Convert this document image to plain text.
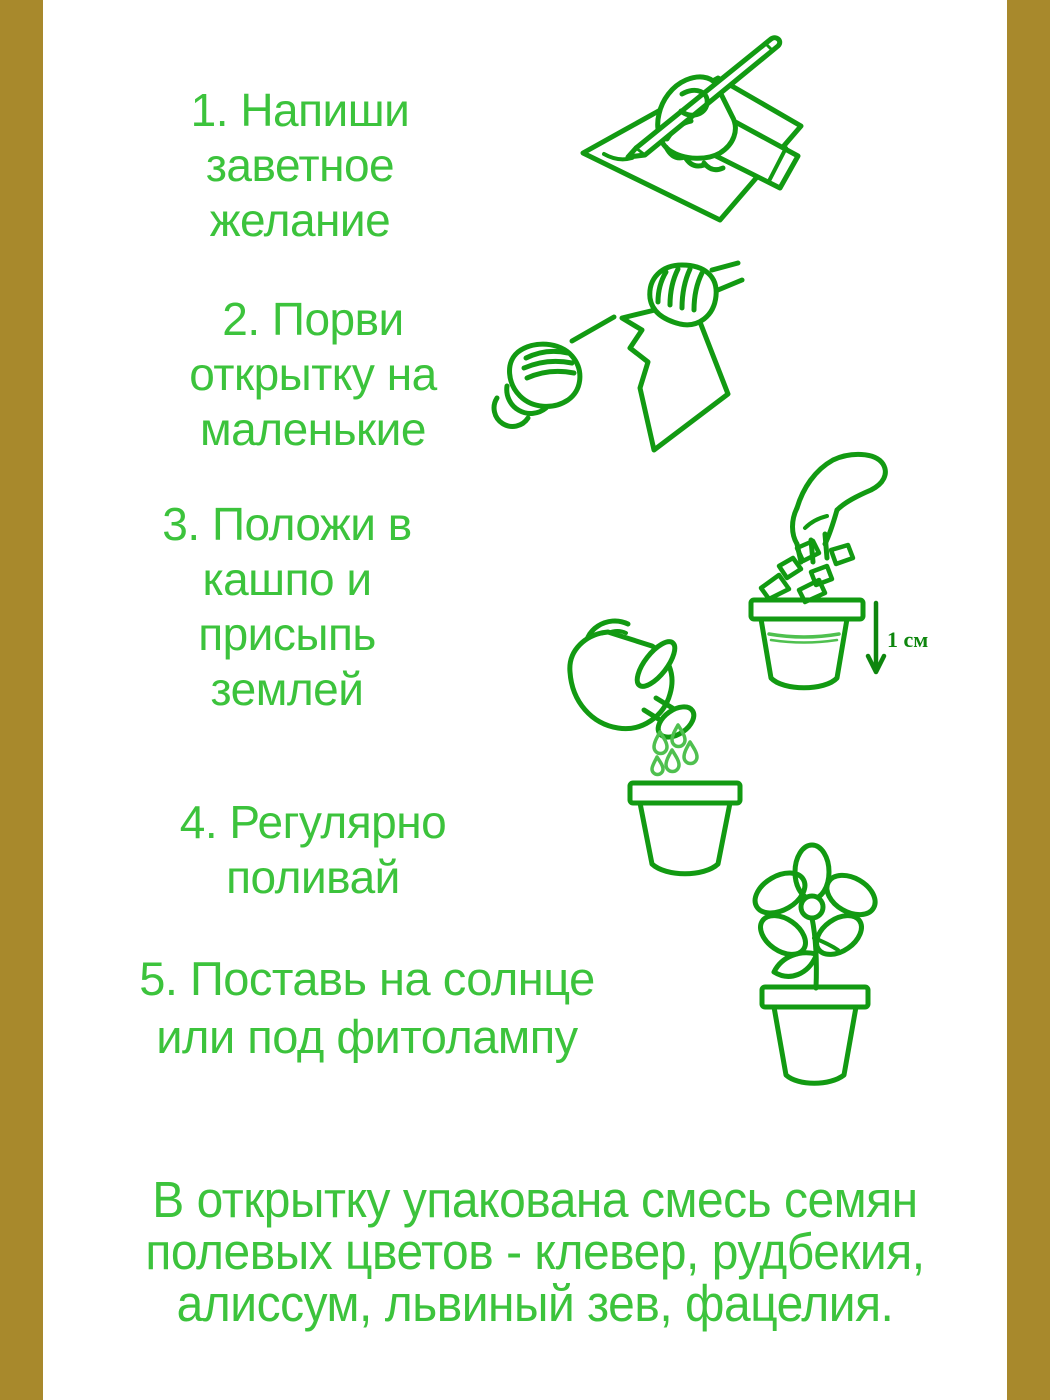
1. Напиши
заветное
желание
2. Порви
открытку на
маленькие
3. Положи в
кашпо и
присыпь
землей
1 см
4. Регулярно
поливай
5. Поставь на солнце
или под фитолампу
В открытку упакована смесь семян
полевых цветов - клевер, рудбекия,
алиссум, львиный зев, фацелия.
